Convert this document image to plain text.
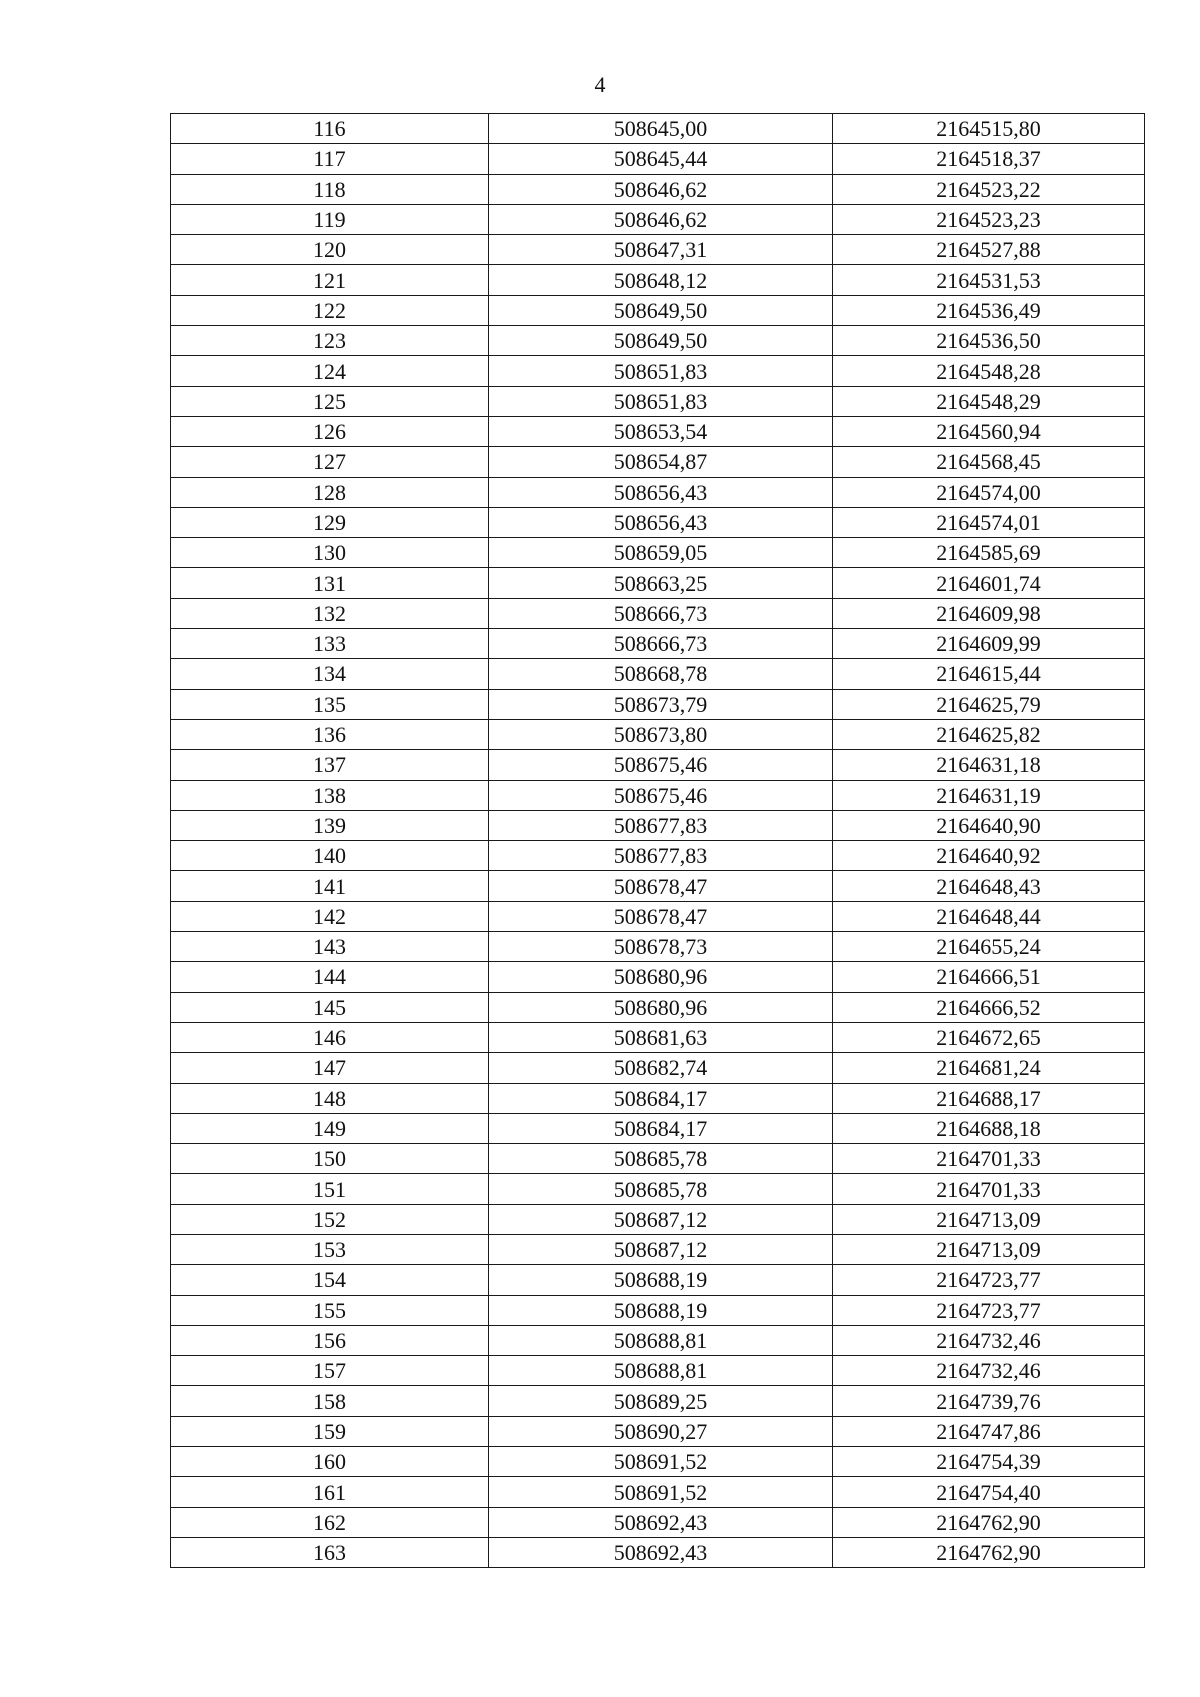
4
116	508645,00	2164515,80
117	508645,44	2164518,37
118	508646,62	2164523,22
119	508646,62	2164523,23
120	508647,31	2164527,88
121	508648,12	2164531,53
122	508649,50	2164536,49
123	508649,50	2164536,50
124	508651,83	2164548,28
125	508651,83	2164548,29
126	508653,54	2164560,94
127	508654,87	2164568,45
128	508656,43	2164574,00
129	508656,43	2164574,01
130	508659,05	2164585,69
131	508663,25	2164601,74
132	508666,73	2164609,98
133	508666,73	2164609,99
134	508668,78	2164615,44
135	508673,79	2164625,79
136	508673,80	2164625,82
137	508675,46	2164631,18
138	508675,46	2164631,19
139	508677,83	2164640,90
140	508677,83	2164640,92
141	508678,47	2164648,43
142	508678,47	2164648,44
143	508678,73	2164655,24
144	508680,96	2164666,51
145	508680,96	2164666,52
146	508681,63	2164672,65
147	508682,74	2164681,24
148	508684,17	2164688,17
149	508684,17	2164688,18
150	508685,78	2164701,33
151	508685,78	2164701,33
152	508687,12	2164713,09
153	508687,12	2164713,09
154	508688,19	2164723,77
155	508688,19	2164723,77
156	508688,81	2164732,46
157	508688,81	2164732,46
158	508689,25	2164739,76
159	508690,27	2164747,86
160	508691,52	2164754,39
161	508691,52	2164754,40
162	508692,43	2164762,90
163	508692,43	2164762,90
